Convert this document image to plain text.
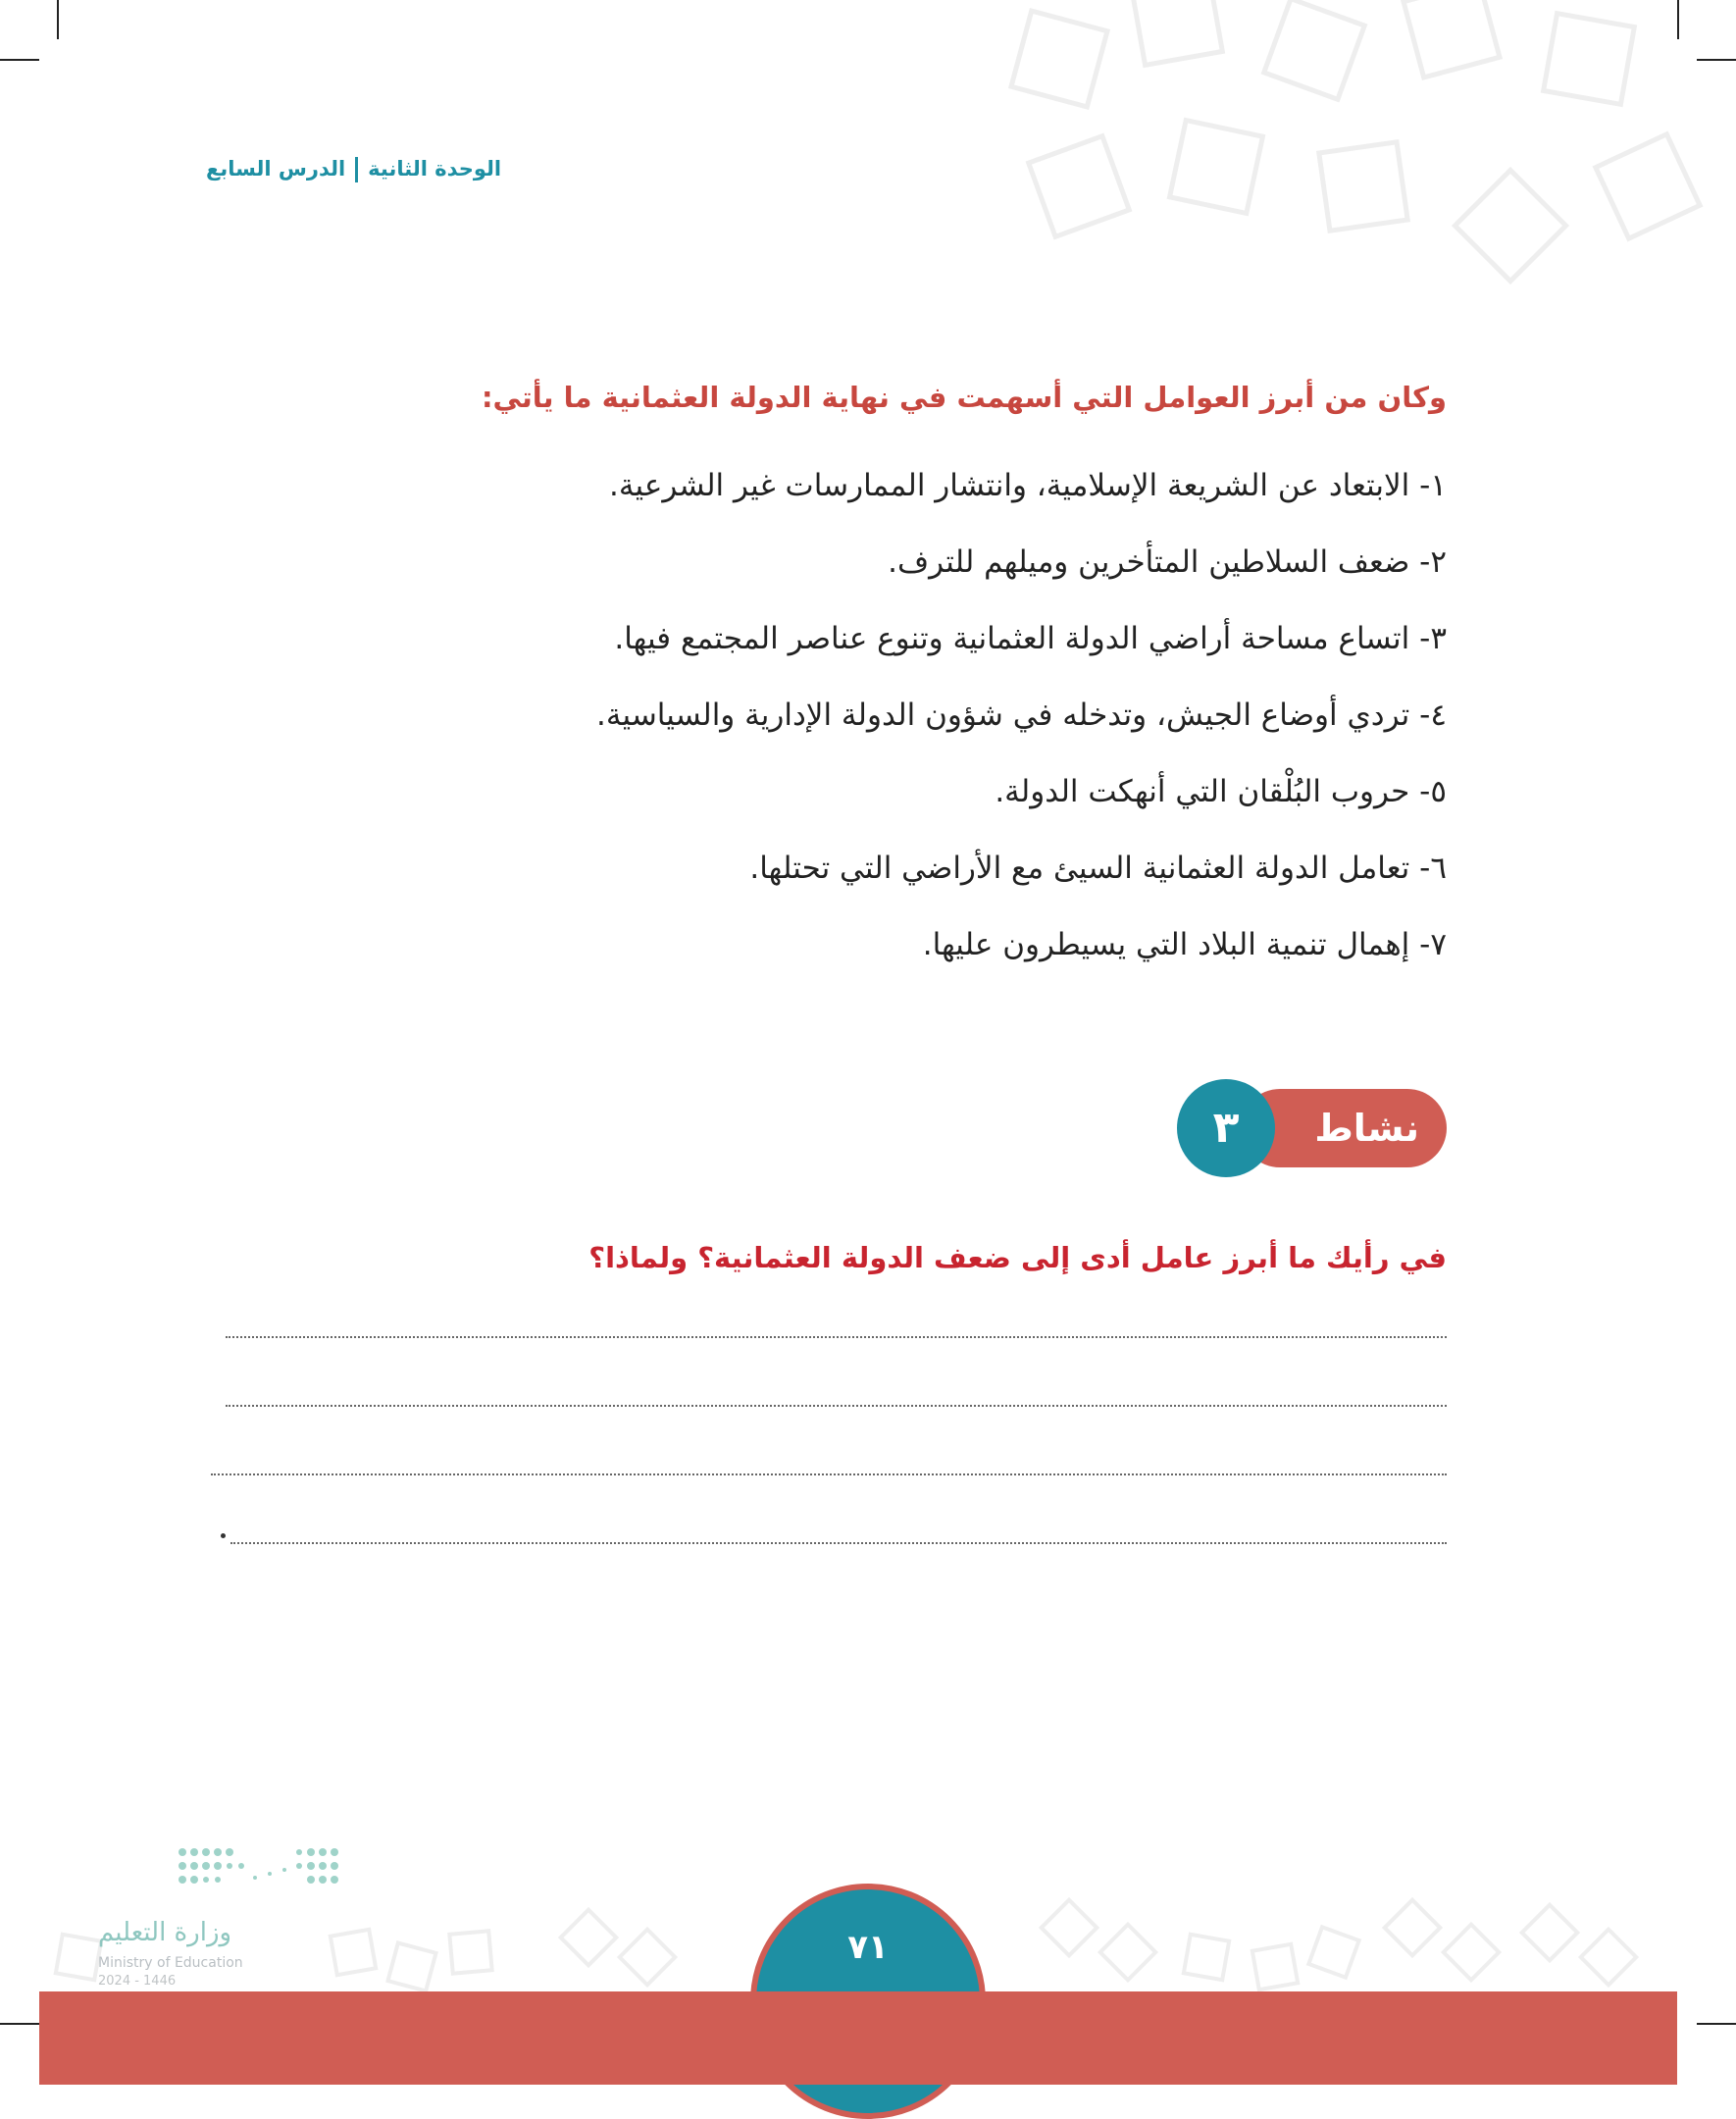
الوحدة الثانيةالدرس السابع
وكان من أبرز العوامل التي أسهمت في نهاية الدولة العثمانية ما يأتي:
١- الابتعاد عن الشريعة الإسلامية، وانتشار الممارسات غير الشرعية.
٢- ضعف السلاطين المتأخرين وميلهم للترف.
٣- اتساع مساحة أراضي الدولة العثمانية وتنوع عناصر المجتمع فيها.
٤- تردي أوضاع الجيش، وتدخله في شؤون الدولة الإدارية والسياسية.
٥- حروب البُلْقان التي أنهكت الدولة.
٦- تعامل الدولة العثمانية السيئ مع الأراضي التي تحتلها.
٧- إهمال تنمية البلاد التي يسيطرون عليها.
نشاط
٣
في رأيك ما أبرز عامل أدى إلى ضعف الدولة العثمانية؟ ولماذا؟
وزارة التعليم
Ministry of Education
2024 - 1446
٧١
